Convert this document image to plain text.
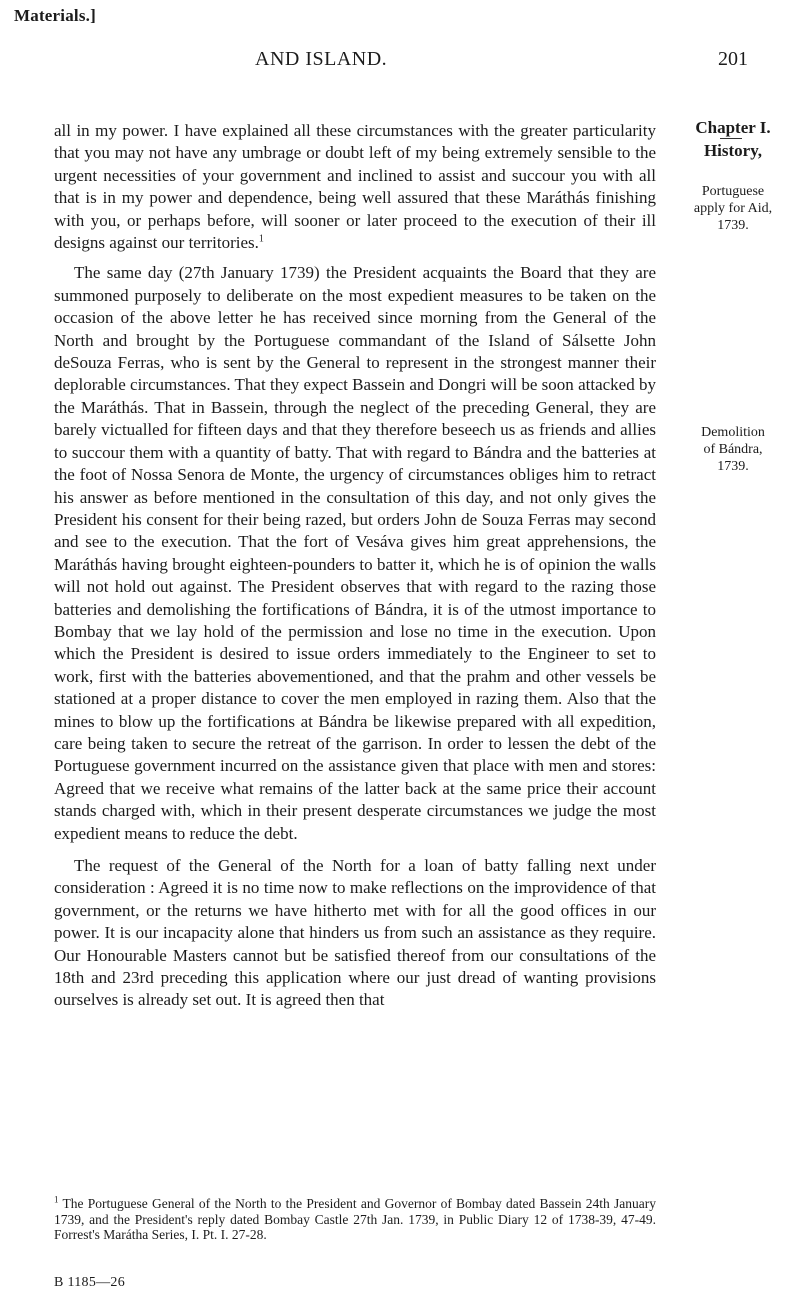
Materials.]
AND ISLAND.	201

all in my power. I have explained all these circumstances with the greater particularity that you may not have any umbrage or doubt left of my being extremely sensible to the urgent necessities of your government and inclined to assist and succour you with all that is in my power and dependence, being well assured that these Maráthás finishing with you, or perhaps before, will sooner or later proceed to the execution of their ill designs against our territories.$^1$

The same day (27th January 1739) the President acquaints the Board that they are summoned purposely to deliberate on the most expedient measures to be taken on the occasion of the above letter he has received since morning from the General of the North and brought by the Portuguese commandant of the Island of Sálsette John deSouza Ferras, who is sent by the General to represent in the strongest manner their deplorable circumstances. That they expect Bassein and Dongri will be soon attacked by the Maráthás. That in Bassein, through the neglect of the preceding General, they are barely victualled for fifteen days and that they therefore beseech us as friends and allies to succour them with a quantity of batty. That with regard to Bándra and the batteries at the foot of Nossa Senora de Monte, the urgency of circumstances obliges him to retract his answer as before mentioned in the consultation of this day, and not only gives the President his consent for their being razed, but orders John de Souza Ferras may second and see to the execution. That the fort of Vesáva gives him great apprehensions, the Maráthás having brought eighteen-pounders to batter it, which he is of opinion the walls will not hold out against. The President observes that with regard to the razing those batteries and demolishing the fortifications of Bándra, it is of the utmost importance to Bombay that we lay hold of the permission and lose no time in the execution. Upon which the President is desired to issue orders immediately to the Engineer to set to work, first with the batteries abovementioned, and that the prahm and other vessels be stationed at a proper distance to cover the men employed in razing them. Also that the mines to blow up the fortifications at Bándra be likewise prepared with all expedition, care being taken to secure the retreat of the garrison. In order to lessen the debt of the Portuguese government incurred on the assistance given that place with men and stores: Agreed that we receive what remains of the latter back at the same price their account stands charged with, which in their present desperate circumstances we judge the most expedient means to reduce the debt.

The request of the General of the North for a loan of batty falling next under consideration : Agreed it is no time now to make reflections on the improvidence of that government, or the returns we have hitherto met with for all the good offices in our power. It is our incapacity alone that hinders us from such an assistance as they require. Our Honourable Masters cannot but be satisfied thereof from our consultations of the 18th and 23rd preceding this application where our just dread of wanting provisions ourselves is already set out. It is agreed then that

Chapter I.
History,
Portuguese
apply for Aid,
1739.
Demolition
of Bándra,
1739.
$^1$ The Portuguese General of the North to the President and Governor of Bombay dated Bassein 24th January 1739, and the President's reply dated Bombay Castle 27th Jan. 1739, in Public Diary 12 of 1738-39, 47-49. Forrest's Marátha Series, I. Pt. I. 27-28.
B 1185—26
